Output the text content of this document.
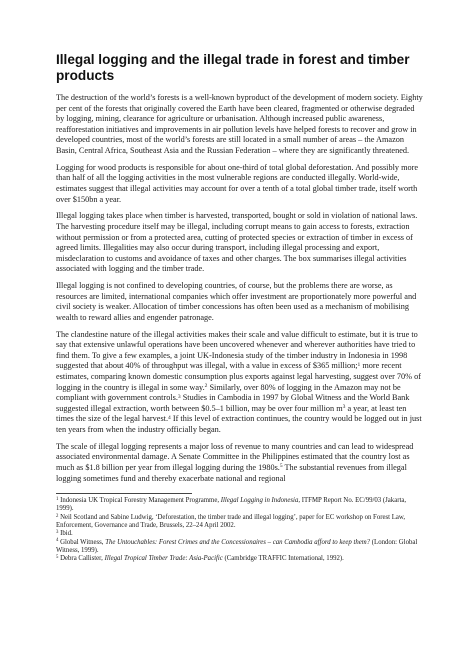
Illegal logging and the illegal trade in forest and timber
products

The destruction of the world’s forests is a well-known byproduct of the development of modern society. Eighty per cent of the forests that originally covered the Earth have been cleared, fragmented or otherwise degraded by logging, mining, clearance for agriculture or urbanisation. Although increased public awareness, reafforestation initiatives and improvements in air pollution levels have helped forests to recover and grow in developed countries, most of the world’s forests are still located in a small number of areas – the Amazon Basin, Central Africa, Southeast Asia and the Russian Federation – where they are significantly threatened.

Logging for wood products is responsible for about one-third of total global deforestation. And possibly more than half of all the logging activities in the most vulnerable regions are conducted illegally. World-wide, estimates suggest that illegal activities may account for over a tenth of a total global timber trade, itself worth over $150bn a year.

Illegal logging takes place when timber is harvested, transported, bought or sold in violation of national laws. The harvesting procedure itself may be illegal, including corrupt means to gain access to forests, extraction without permission or from a protected area, cutting of protected species or extraction of timber in excess of agreed limits. Illegalities may also occur during transport, including illegal processing and export, misdeclaration to customs and avoidance of taxes and other charges. The box summarises illegal activities associated with logging and the timber trade.

Illegal logging is not confined to developing countries, of course, but the problems there are worse, as resources are limited, international companies which offer investment are proportionately more powerful and civil society is weaker. Allocation of timber concessions has often been used as a mechanism of mobilising wealth to reward allies and engender patronage.

The clandestine nature of the illegal activities makes their scale and value difficult to estimate, but it is true to say that extensive unlawful operations have been uncovered whenever and wherever authorities have tried to find them. To give a few examples, a joint UK-Indonesia study of the timber industry in Indonesia in 1998 suggested that about 40% of throughput was illegal, with a value in excess of $365 million;$^1$ more recent estimates, comparing known domestic consumption plus exports against legal harvesting, suggest over 70% of logging in the country is illegal in some way.$^2$ Similarly, over 80% of logging in the Amazon may not be compliant with government controls.$^3$ Studies in Cambodia in 1997 by Global Witness and the World Bank suggested illegal extraction, worth between $0.5–1 billion, may be over four million $m^3$ a year, at least ten times the size of the legal harvest.$^4$ If this level of extraction continues, the country would be logged out in just ten years from when the industry officially began.

The scale of illegal logging represents a major loss of revenue to many countries and can lead to widespread associated environmental damage. A Senate Committee in the Philippines estimated that the country lost as much as $1.8 billion per year from illegal logging during the 1980s.$^5$ The substantial revenues from illegal logging sometimes fund and thereby exacerbate national and regional

$^1$ Indonesia UK Tropical Forestry Management Programme, Illegal Logging in Indonesia, ITFMP Report No. EC/99/03 (Jakarta, 1999).

$^2$ Neil Scotland and Sabine Ludwig, ‘Deforestation, the timber trade and illegal logging’, paper for EC workshop on Forest Law, Enforcement, Governance and Trade, Brussels, 22–24 April 2002.

$^3$ Ibid.

$^4$ Global Witness, The Untouchables: Forest Crimes and the Concessionaires – can Cambodia afford to keep them? (London: Global Witness, 1999).

$^5$ Debra Callister, Illegal Tropical Timber Trade: Asia-Pacific (Cambridge TRAFFIC International, 1992).
